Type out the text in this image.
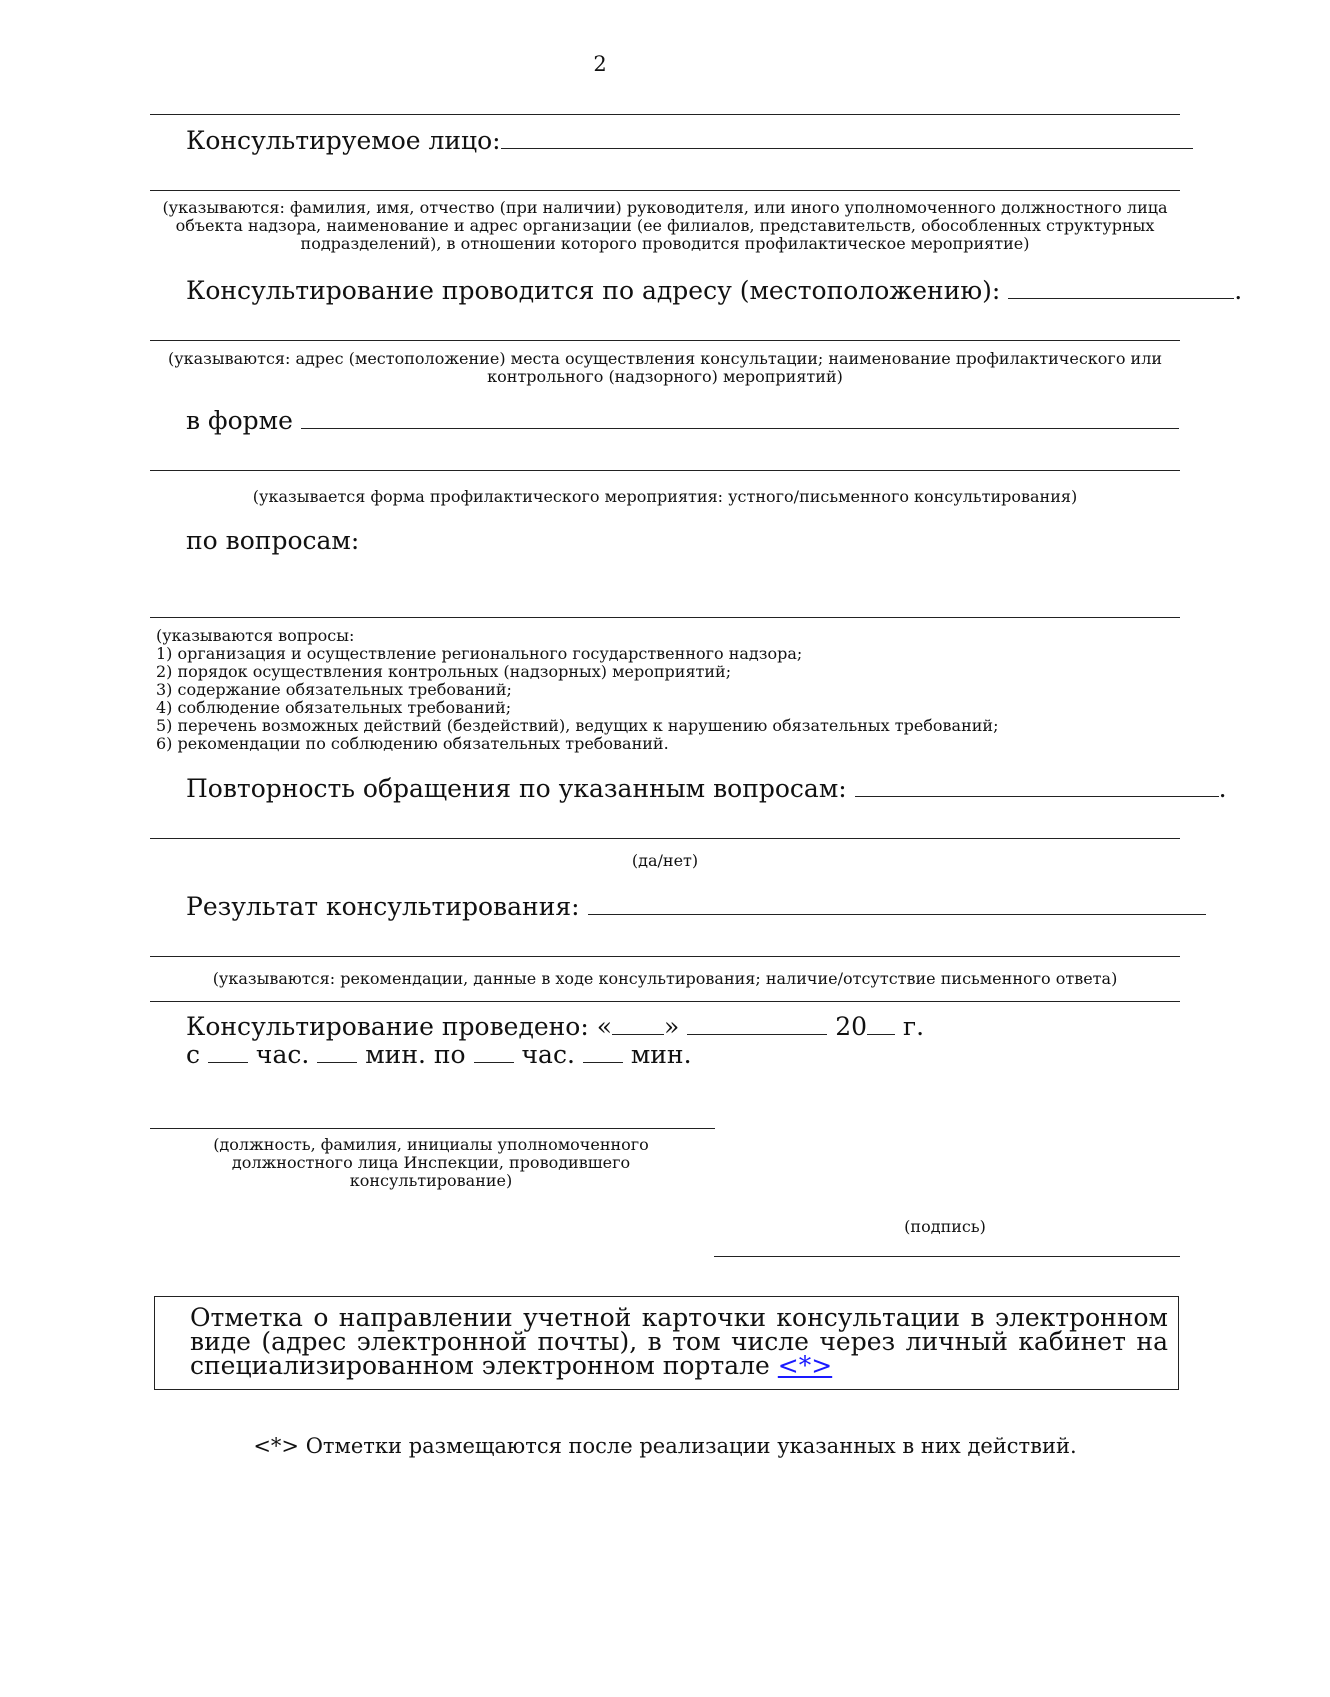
2
Консультируемое лицо:
(указываются: фамилия, имя, отчество (при наличии) руководителя, или иного уполномоченного должностного лица объекта надзора, наименование и адрес организации (ее филиалов, представительств, обособленных структурных подразделений), в отношении которого проводится профилактическое мероприятие)
Консультирование проводится по адресу (местоположению):	.
(указываются: адрес (местоположение) места осуществления консультации; наименование профилактического или контрольного (надзорного) мероприятий)
в форме
(указывается форма профилактического мероприятия: устного/письменного консультирования)
по вопросам:
(указываются вопросы:
1) организация и осуществление регионального государственного надзора;
2) порядок осуществления контрольных (надзорных) мероприятий;
3) содержание обязательных требований;
4) соблюдение обязательных требований;
5) перечень возможных действий (бездействий), ведущих к нарушению обязательных требований;
6) рекомендации по соблюдению обязательных требований.
Повторность обращения по указанным вопросам:	.
(да/нет)
Результат консультирования:
(указываются: рекомендации, данные в ходе консультирования; наличие/отсутствие письменного ответа)
Консультирование проведено: « »	20 г.
с час. мин. по час. мин.
(должность, фамилия, инициалы уполномоченного должностного лица Инспекции, проводившего консультирование)
(подпись)
Отметка о направлении учетной карточки консультации в электронном виде (адрес электронной почты), в том числе через личный кабинет на специализированном электронном портале <*>
<*> Отметки размещаются после реализации указанных в них действий.
